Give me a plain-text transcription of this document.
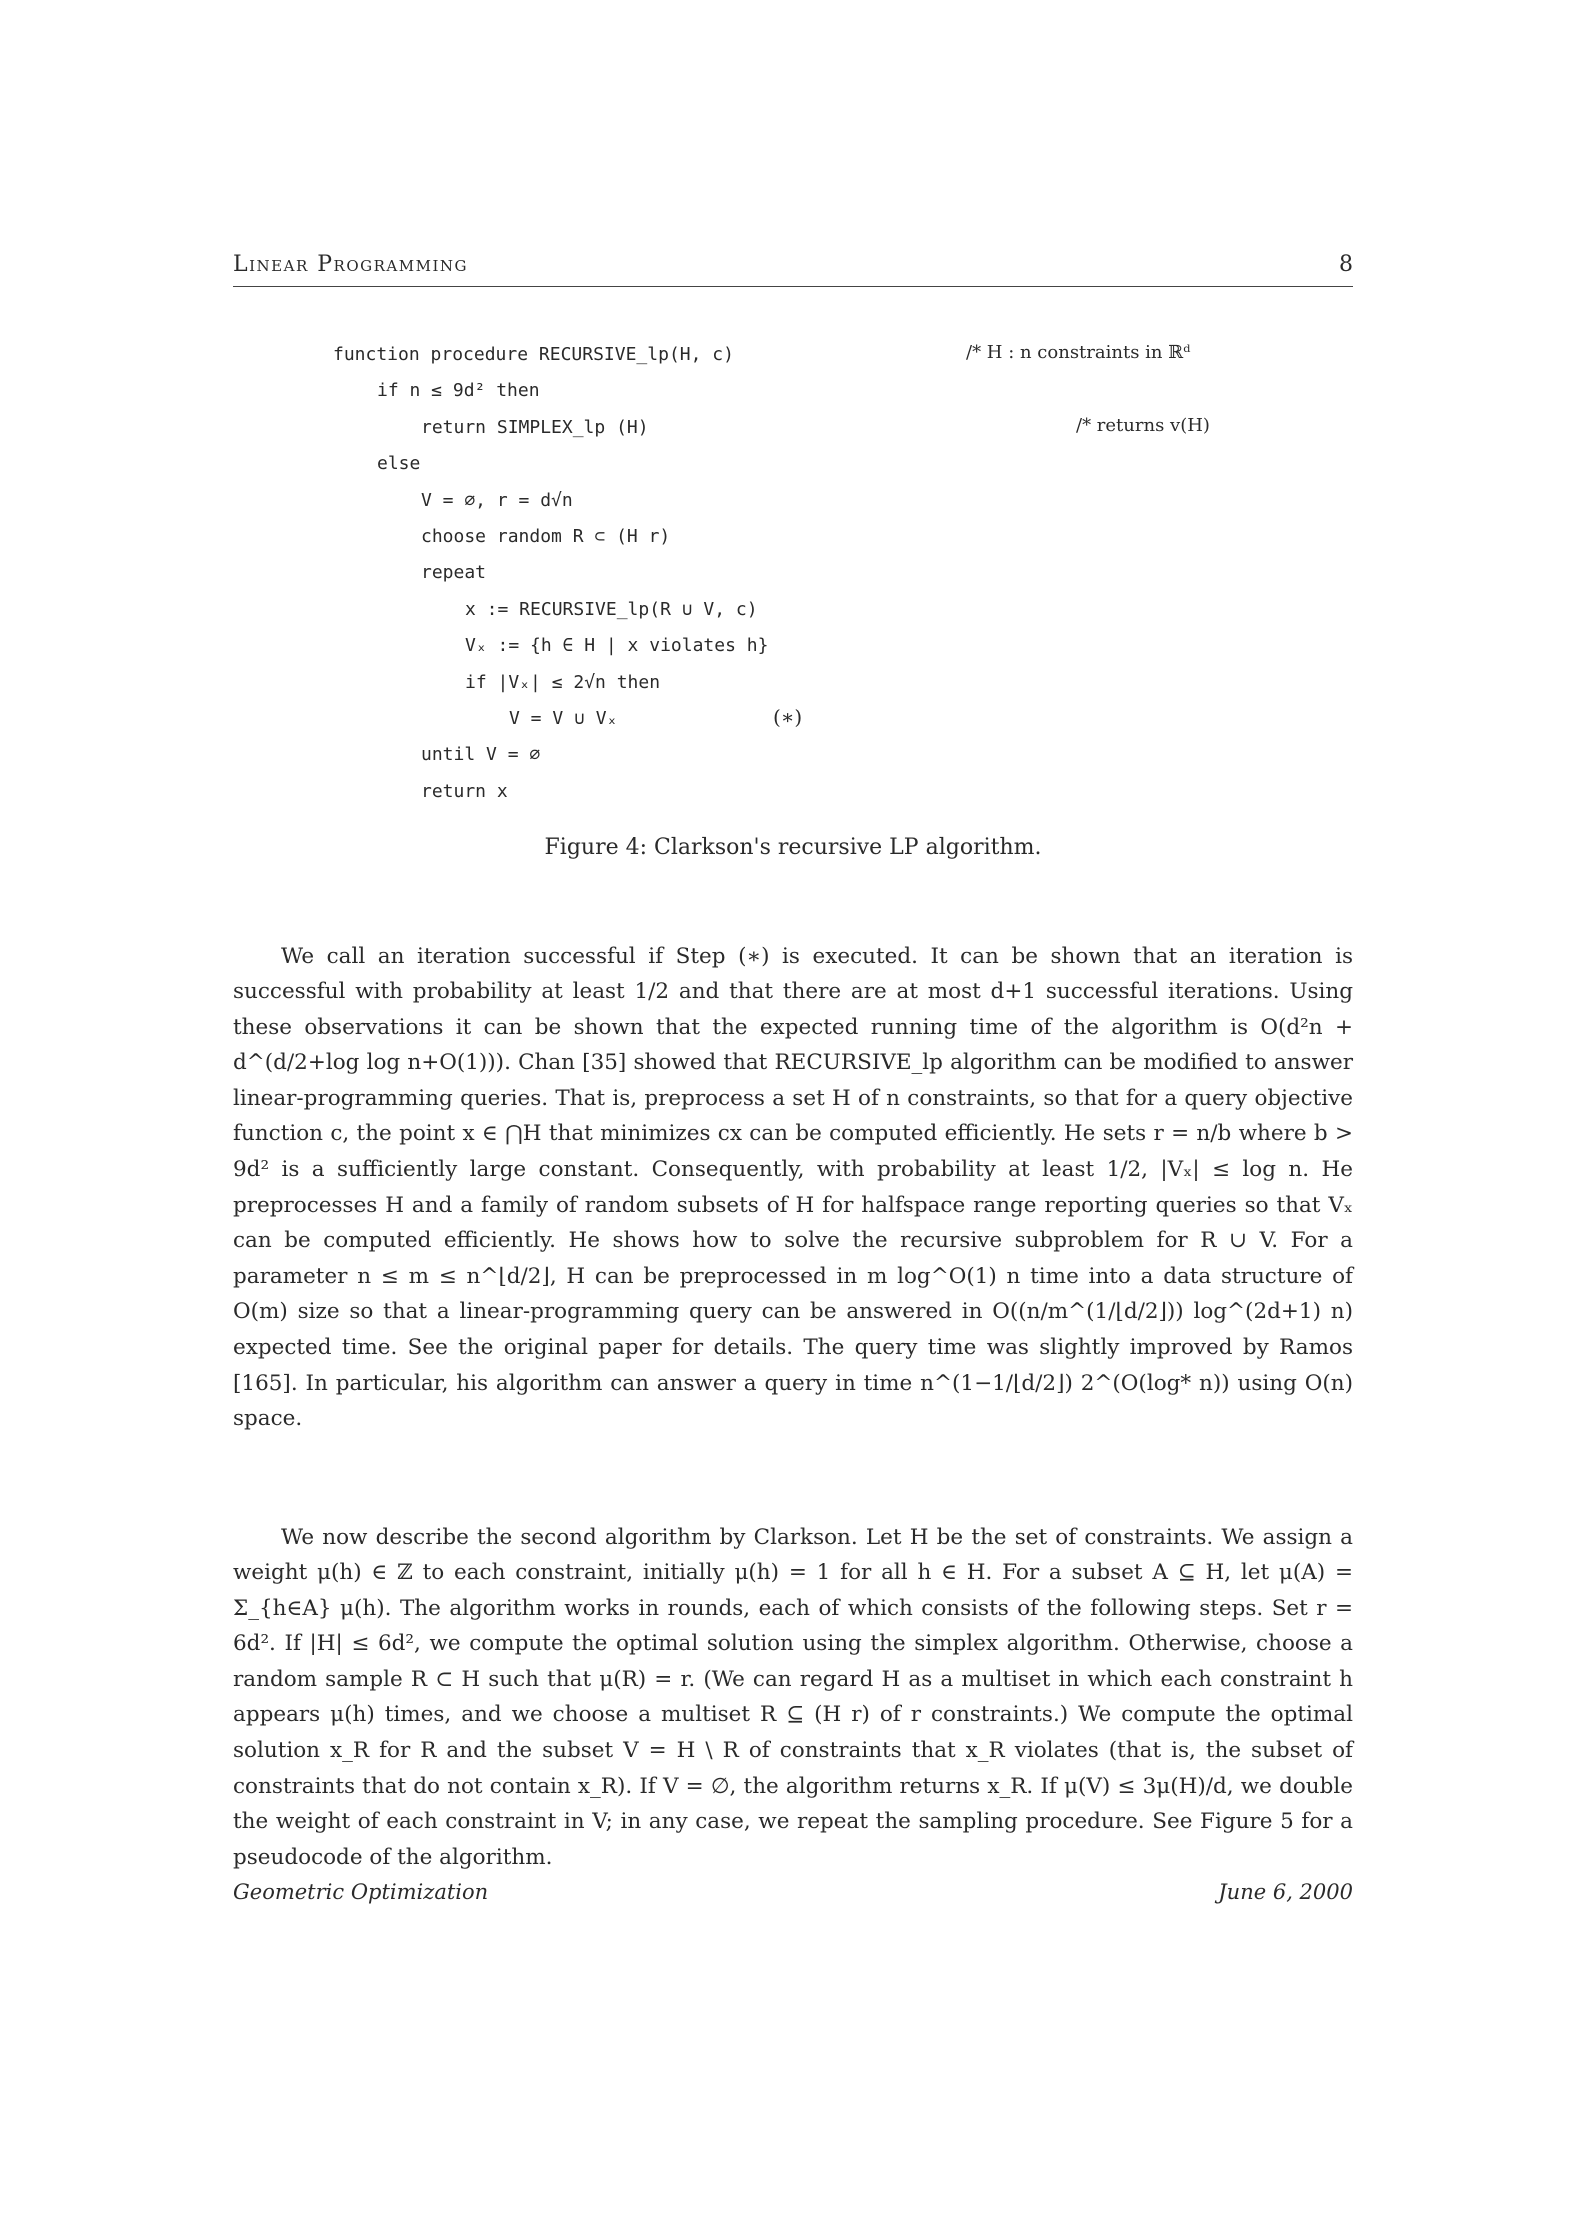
Linear Programming	8
function procedure RECURSIVE_lp(H, c)	/* H : n constraints in ℝᵈ
if n ≤ 9d² then
return SIMPLEX_lp (H)	/* returns v(H)
else
V = ∅, r = d√n
choose random R ⊂ (H r)
repeat
x := RECURSIVE_lp(R ∪ V, c)
Vₓ := {h ∈ H | x violates h}
if |Vₓ| ≤ 2√n then
V = V ∪ Vₓ	(∗)
until V = ∅
return x
Figure 4: Clarkson's recursive LP algorithm.

We call an iteration successful if Step (∗) is executed. It can be shown that an iteration is successful with probability at least 1/2 and that there are at most d+1 successful iterations. Using these observations it can be shown that the expected running time of the algorithm is O(d²n + d^(d/2+log log n+O(1))). Chan [35] showed that RECURSIVE_lp algorithm can be modified to answer linear-programming queries. That is, preprocess a set H of n constraints, so that for a query objective function c, the point x ∈ ⋂H that minimizes cx can be computed efficiently. He sets r = n/b where b > 9d² is a sufficiently large constant. Consequently, with probability at least 1/2, |Vₓ| ≤ log n. He preprocesses H and a family of random subsets of H for halfspace range reporting queries so that Vₓ can be computed efficiently. He shows how to solve the recursive subproblem for R ∪ V. For a parameter n ≤ m ≤ n^⌊d/2⌋, H can be preprocessed in m log^O(1) n time into a data structure of O(m) size so that a linear-programming query can be answered in O((n/m^(1/⌊d/2⌋)) log^(2d+1) n) expected time. See the original paper for details. The query time was slightly improved by Ramos [165]. In particular, his algorithm can answer a query in time n^(1−1/⌊d/2⌋) 2^(O(log* n)) using O(n) space.

We now describe the second algorithm by Clarkson. Let H be the set of constraints. We assign a weight μ(h) ∈ ℤ to each constraint, initially μ(h) = 1 for all h ∈ H. For a subset A ⊆ H, let μ(A) = Σ_{h∈A} μ(h). The algorithm works in rounds, each of which consists of the following steps. Set r = 6d². If |H| ≤ 6d², we compute the optimal solution using the simplex algorithm. Otherwise, choose a random sample R ⊂ H such that μ(R) = r. (We can regard H as a multiset in which each constraint h appears μ(h) times, and we choose a multiset R ⊆ (H r) of r constraints.) We compute the optimal solution x_R for R and the subset V = H \ R of constraints that x_R violates (that is, the subset of constraints that do not contain x_R). If V = ∅, the algorithm returns x_R. If μ(V) ≤ 3μ(H)/d, we double the weight of each constraint in V; in any case, we repeat the sampling procedure. See Figure 5 for a pseudocode of the algorithm.

Geometric Optimization	June 6, 2000
